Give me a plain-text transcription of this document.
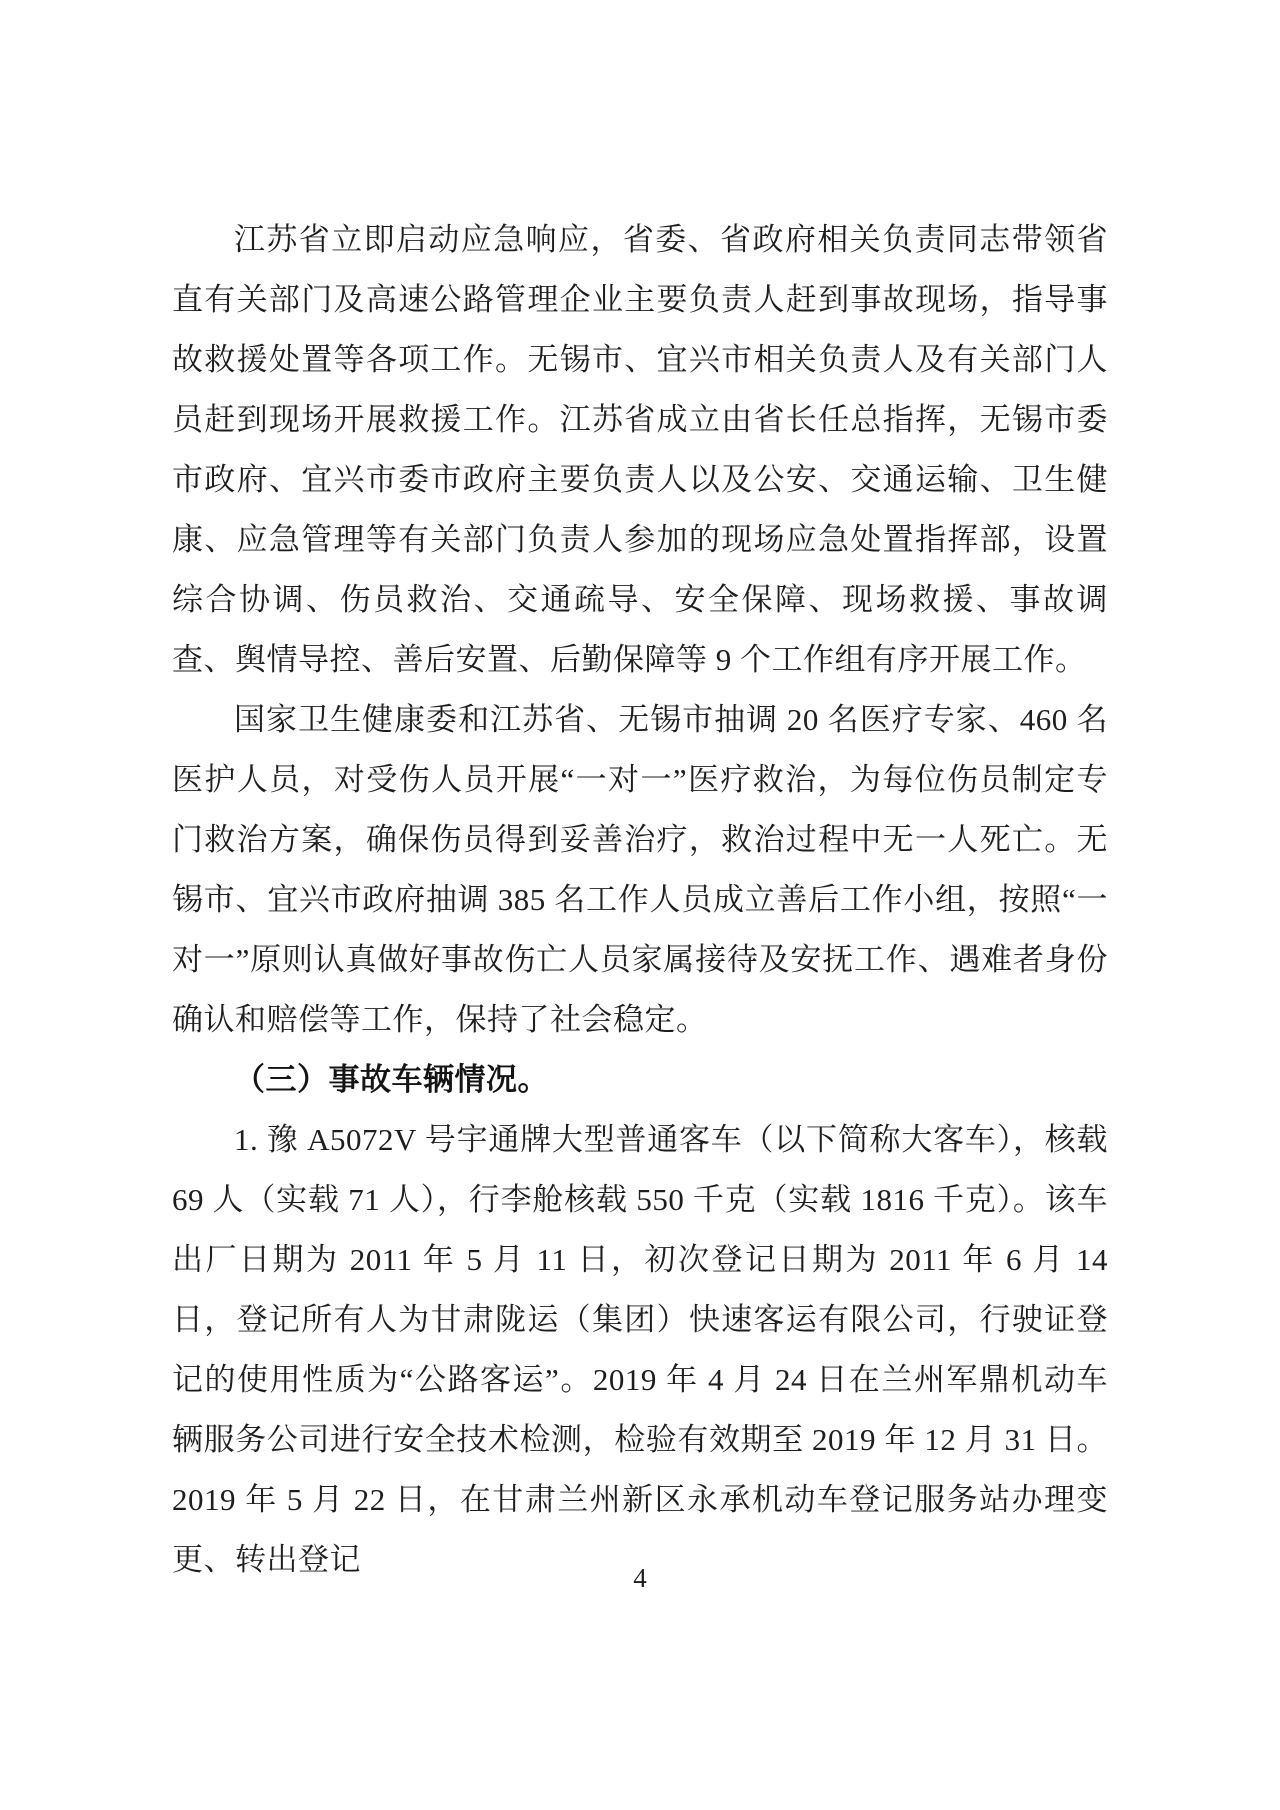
江苏省立即启动应急响应，省委、省政府相关负责同志带领省直有关部门及高速公路管理企业主要负责人赶到事故现场，指导事故救援处置等各项工作。无锡市、宜兴市相关负责人及有关部门人员赶到现场开展救援工作。江苏省成立由省长任总指挥，无锡市委市政府、宜兴市委市政府主要负责人以及公安、交通运输、卫生健康、应急管理等有关部门负责人参加的现场应急处置指挥部，设置综合协调、伤员救治、交通疏导、安全保障、现场救援、事故调查、舆情导控、善后安置、后勤保障等 9 个工作组有序开展工作。

国家卫生健康委和江苏省、无锡市抽调 20 名医疗专家、460 名医护人员，对受伤人员开展“一对一”医疗救治，为每位伤员制定专门救治方案，确保伤员得到妥善治疗，救治过程中无一人死亡。无锡市、宜兴市政府抽调 385 名工作人员成立善后工作小组，按照“一对一”原则认真做好事故伤亡人员家属接待及安抚工作、遇难者身份确认和赔偿等工作，保持了社会稳定。

（三）事故车辆情况。

1. 豫 A5072V 号宇通牌大型普通客车（以下简称大客车），核载 69 人（实载 71 人），行李舱核载 550 千克（实载 1816 千克）。该车出厂日期为 2011 年 5 月 11 日，初次登记日期为 2011 年 6 月 14 日，登记所有人为甘肃陇运（集团）快速客运有限公司，行驶证登记的使用性质为“公路客运”。2019 年 4 月 24 日在兰州军鼎机动车辆服务公司进行安全技术检测，检验有效期至 2019 年 12 月 31 日。2019 年 5 月 22 日，在甘肃兰州新区永承机动车登记服务站办理变更、转出登记

4
